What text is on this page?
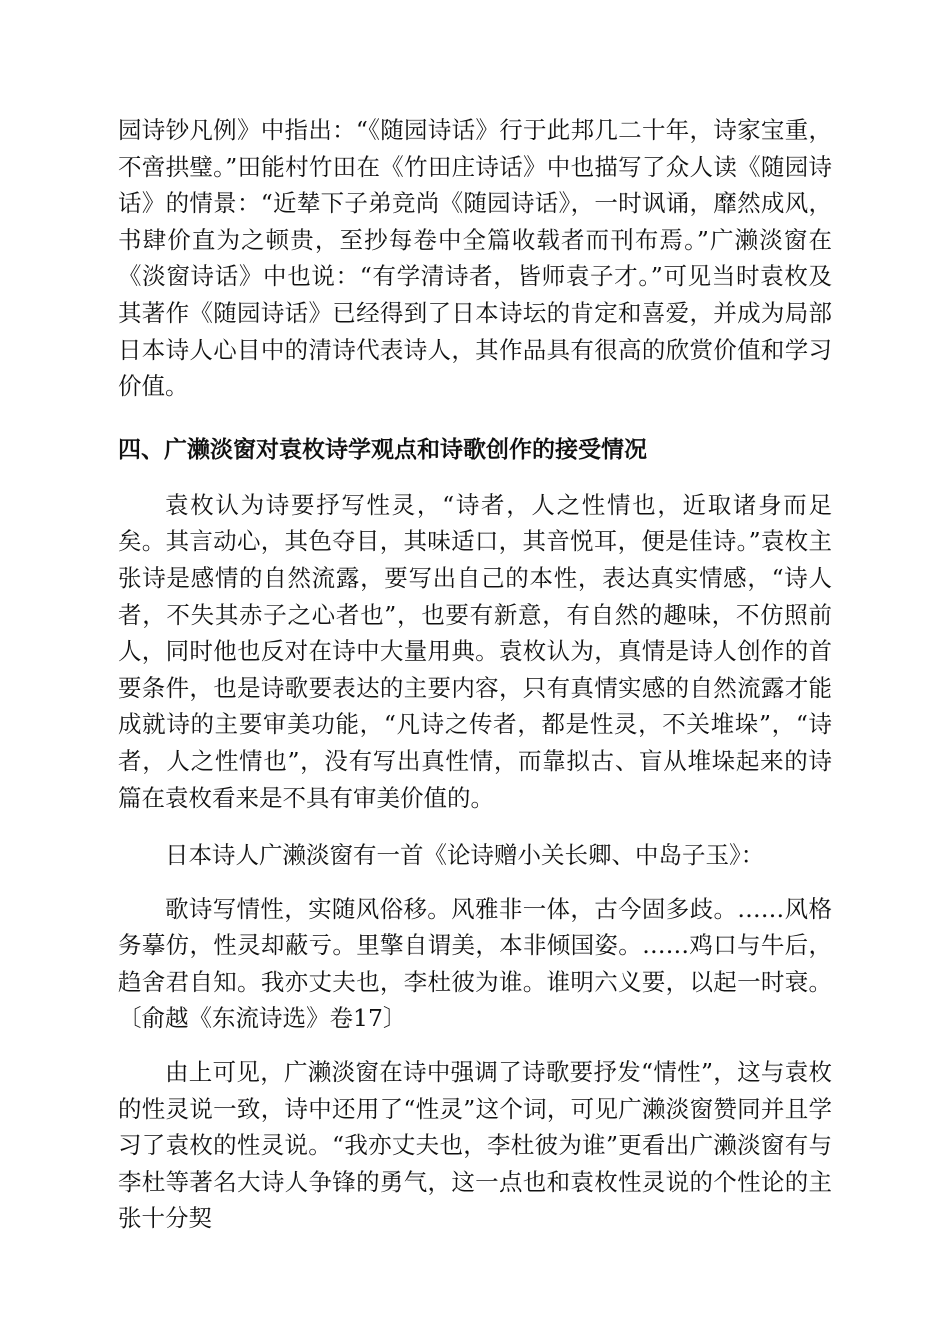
园诗钞凡例》中指出：“《随园诗话》行于此邦几二十年，诗家宝重，不啻拱璧。”田能村竹田在《竹田庄诗话》中也描写了众人读《随园诗话》的情景：“近辇下子弟竞尚《随园诗话》，一时讽诵，靡然成风，书肆价直为之顿贵，至抄每卷中全篇收载者而刊布焉。”广濑淡窗在《淡窗诗话》中也说：“有学清诗者，皆师袁子才。”可见当时袁枚及其著作《随园诗话》已经得到了日本诗坛的肯定和喜爱，并成为局部日本诗人心目中的清诗代表诗人，其作品具有很高的欣赏价值和学习价值。

四、广濑淡窗对袁枚诗学观点和诗歌创作的接受情况

袁枚认为诗要抒写性灵，“诗者，人之性情也，近取诸身而足矣。其言动心，其色夺目，其味适口，其音悦耳，便是佳诗。”袁枚主张诗是感情的自然流露，要写出自己的本性，表达真实情感，“诗人者，不失其赤子之心者也”，也要有新意，有自然的趣味，不仿照前人，同时他也反对在诗中大量用典。袁枚认为，真情是诗人创作的首要条件，也是诗歌要表达的主要内容，只有真情实感的自然流露才能成就诗的主要审美功能，“凡诗之传者，都是性灵，不关堆垛”，“诗者，人之性情也”，没有写出真性情，而靠拟古、盲从堆垛起来的诗篇在袁枚看来是不具有审美价值的。

日本诗人广濑淡窗有一首《论诗赠小关长卿、中岛子玉》：

歌诗写情性，实随风俗移。风雅非一体，古今固多歧。……风格务摹仿，性灵却蔽亏。里擎自谓美，本非倾国姿。……鸡口与牛后，趋舍君自知。我亦丈夫也，李杜彼为谁。谁明六义要，以起一时衰。〔俞越《东流诗选》卷17〕

由上可见，广濑淡窗在诗中强调了诗歌要抒发“情性”，这与袁枚的性灵说一致，诗中还用了“性灵”这个词，可见广濑淡窗赞同并且学习了袁枚的性灵说。“我亦丈夫也，李杜彼为谁”更看出广濑淡窗有与李杜等著名大诗人争锋的勇气，这一点也和袁枚性灵说的个性论的主张十分契
